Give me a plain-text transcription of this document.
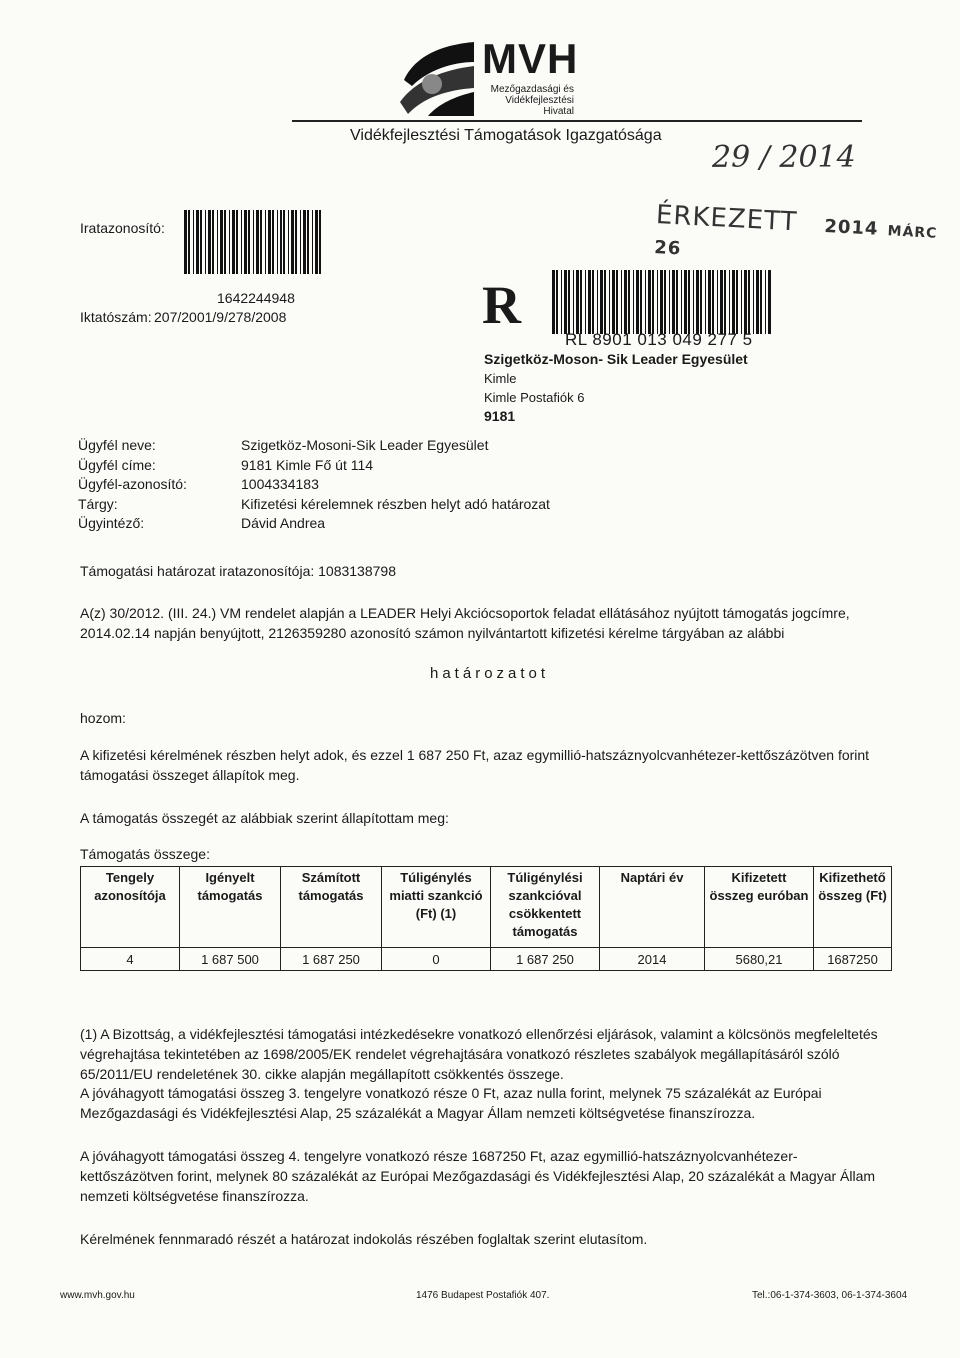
MVH
Mezőgazdasági és
Vidékfejlesztési
Hivatal
Vidékfejlesztési Támogatások Igazgatósága
29 / 2014
ÉRKEZETT 2014 MÁRC 26
Iratazonosító:
1642244948
Iktatószám: 207/2001/9/278/2008	R
RL 8901 013 049 277 5
Szigetköz-Moson- Sik Leader Egyesület
Kimle
Kimle Postafiók 6
9181
Ügyfél neve:	Szigetköz-Mosoni-Sik Leader Egyesület
Ügyfél címe:	9181 Kimle Fő út 114
Ügyfél-azonosító:	1004334183
Tárgy:	Kifizetési kérelemnek részben helyt adó határozat
Ügyintéző:	Dávid Andrea
Támogatási határozat iratazonosítója: 1083138798
A(z) 30/2012. (III. 24.) VM rendelet alapján a LEADER Helyi Akciócsoportok feladat ellátásához nyújtott támogatás jogcímre, 2014.02.14 napján benyújtott, 2126359280 azonosító számon nyilvántartott kifizetési kérelme tárgyában az alábbi
határozatot
hozom:
A kifizetési kérelmének részben helyt adok, és ezzel 1 687 250 Ft, azaz egymillió-hatszáznyolcvanhétezer-kettőszázötven forint támogatási összeget állapítok meg.
A támogatás összegét az alábbiak szerint állapítottam meg:
Támogatás összege:
Tengely azonosítója	Igényelt támogatás	Számított támogatás	Túligénylés miatti szankció (Ft) (1)	Túligénylési szankcióval csökkentett támogatás	Naptári év	Kifizetett összeg euróban	Kifizethető összeg (Ft)
4	1 687 500	1 687 250	0	1 687 250	2014	5680,21	1687250
(1) A Bizottság, a vidékfejlesztési támogatási intézkedésekre vonatkozó ellenőrzési eljárások, valamint a kölcsönös megfeleltetés végrehajtása tekintetében az 1698/2005/EK rendelet végrehajtására vonatkozó részletes szabályok megállapításáról szóló 65/2011/EU rendeletének 30. cikke alapján megállapított csökkentés összege.
A jóváhagyott támogatási összeg 3. tengelyre vonatkozó része 0 Ft, azaz nulla forint, melynek 75 százalékát az Európai Mezőgazdasági és Vidékfejlesztési Alap, 25 százalékát a Magyar Állam nemzeti költségvetése finanszírozza.
A jóváhagyott támogatási összeg 4. tengelyre vonatkozó része 1687250 Ft, azaz egymillió-hatszáznyolcvanhétezer-kettőszázötven forint, melynek 80 százalékát az Európai Mezőgazdasági és Vidékfejlesztési Alap, 20 százalékát a Magyar Állam nemzeti költségvetése finanszírozza.
Kérelmének fennmaradó részét a határozat indokolás részében foglaltak szerint elutasítom.
www.mvh.gov.hu	1476 Budapest Postafiók 407.	Tel.:06-1-374-3603, 06-1-374-3604
